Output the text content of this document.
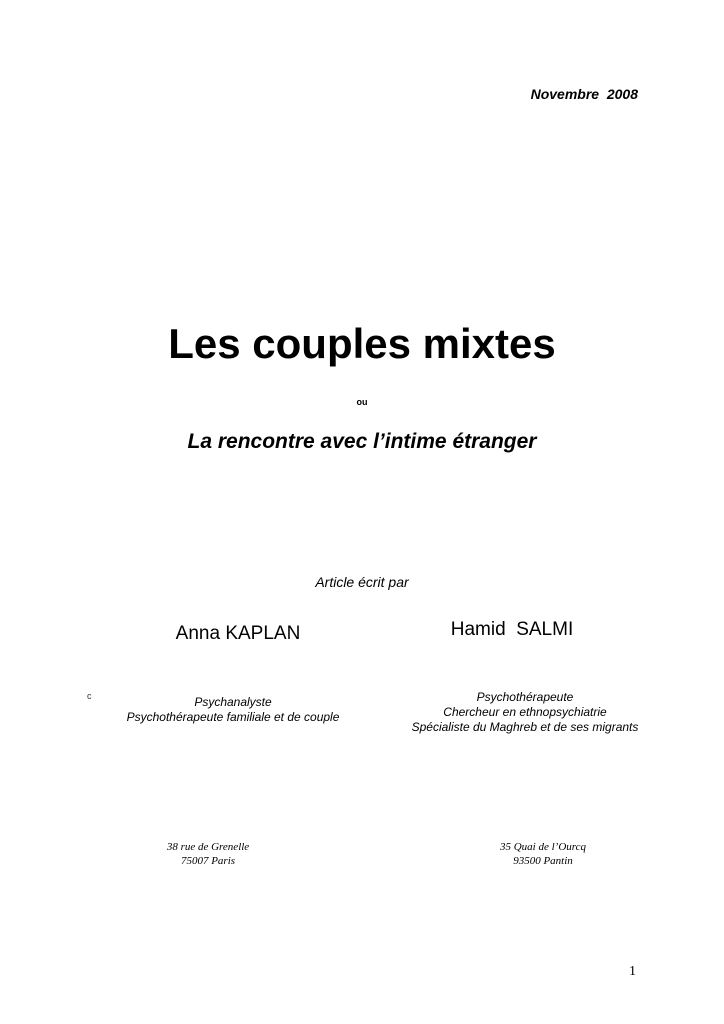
Novembre  2008
Les couples mixtes
ou
La rencontre avec l’intime étranger
Article écrit par
Anna KAPLAN	Hamid  SALMI
c	Psychanalyste
Psychothérapeute familiale et de couple
Psychothérapeute
Chercheur en ethnopsychiatrie
Spécialiste du Maghreb et de ses migrants
38 rue de Grenelle
75007 Paris
35 Quai de l’Ourcq
93500 Pantin
1
